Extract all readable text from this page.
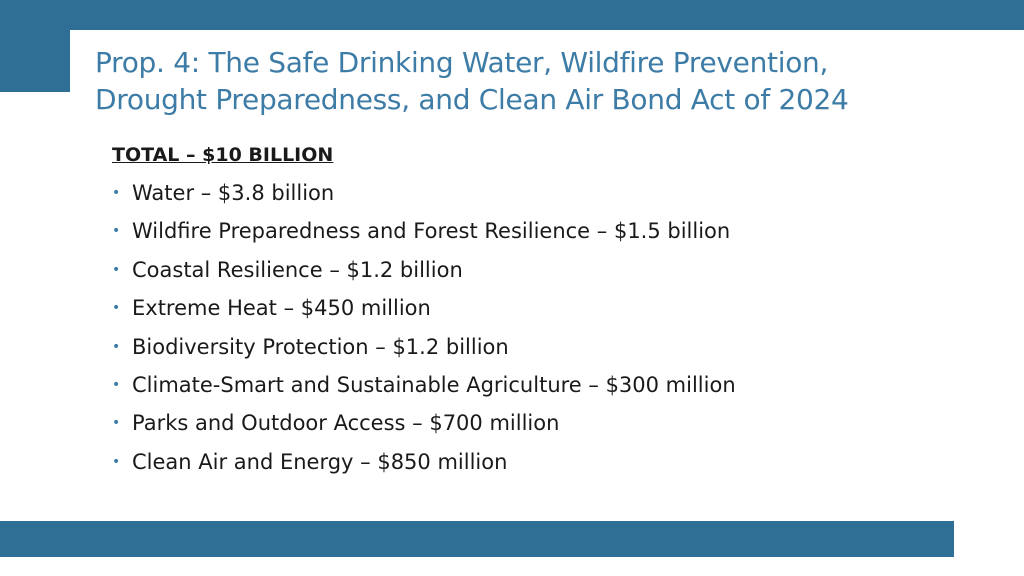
Prop. 4: The Safe Drinking Water, Wildfire Prevention,
Drought Preparedness, and Clean Air Bond Act of 2024
TOTAL – $10 BILLION
• Water – $3.8 billion
• Wildfire Preparedness and Forest Resilience – $1.5 billion
• Coastal Resilience – $1.2 billion
• Extreme Heat – $450 million
• Biodiversity Protection – $1.2 billion
• Climate-Smart and Sustainable Agriculture – $300 million
• Parks and Outdoor Access – $700 million
• Clean Air and Energy – $850 million
